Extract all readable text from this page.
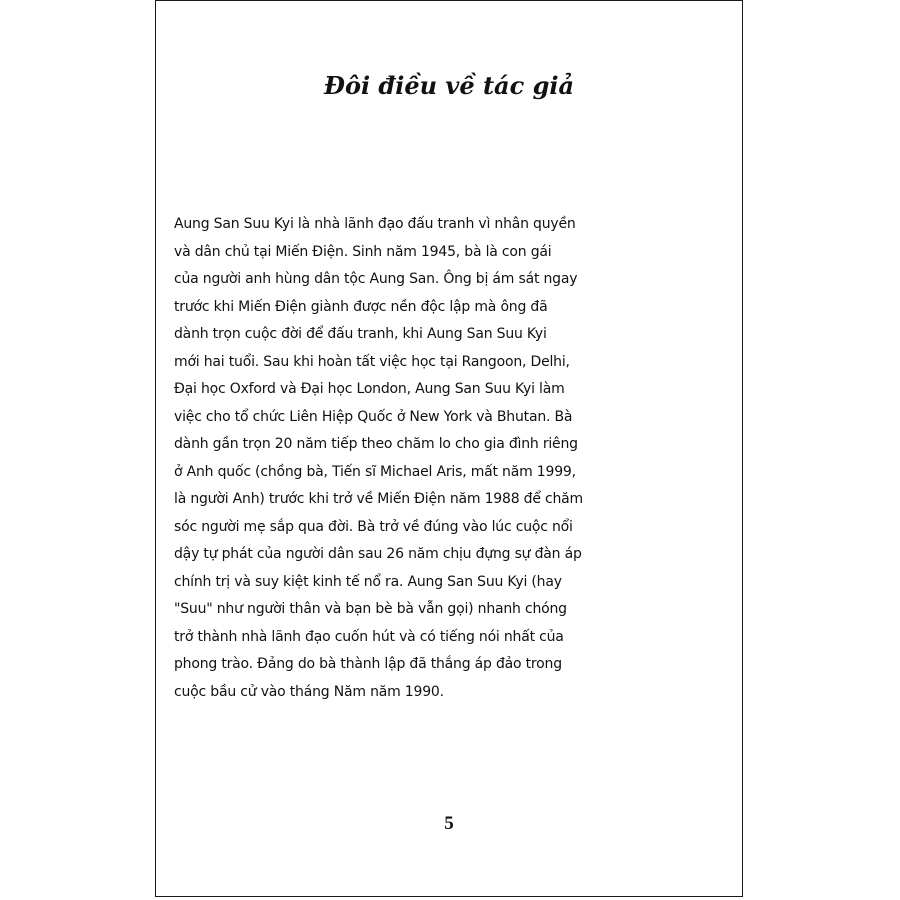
Đôi điều về tác giả
Aung San Suu Kyi là nhà lãnh đạo đấu tranh vì nhân quyền
và dân chủ tại Miến Điện. Sinh năm 1945, bà là con gái
của người anh hùng dân tộc Aung San. Ông bị ám sát ngay
trước khi Miến Điện giành được nền độc lập mà ông đã
dành trọn cuộc đời để đấu tranh, khi Aung San Suu Kyi
mới hai tuổi. Sau khi hoàn tất việc học tại Rangoon, Delhi,
Đại học Oxford và Đại học London, Aung San Suu Kyi làm
việc cho tổ chức Liên Hiệp Quốc ở New York và Bhutan. Bà
dành gần trọn 20 năm tiếp theo chăm lo cho gia đình riêng
ở Anh quốc (chồng bà, Tiến sĩ Michael Aris, mất năm 1999,
là người Anh) trước khi trở về Miến Điện năm 1988 để chăm
sóc người mẹ sắp qua đời. Bà trở về đúng vào lúc cuộc nổi
dậy tự phát của người dân sau 26 năm chịu đựng sự đàn áp
chính trị và suy kiệt kinh tế nổ ra. Aung San Suu Kyi (hay
"Suu" như người thân và bạn bè bà vẫn gọi) nhanh chóng
trở thành nhà lãnh đạo cuốn hút và có tiếng nói nhất của
phong trào. Đảng do bà thành lập đã thắng áp đảo trong
cuộc bầu cử vào tháng Năm năm 1990.
5
